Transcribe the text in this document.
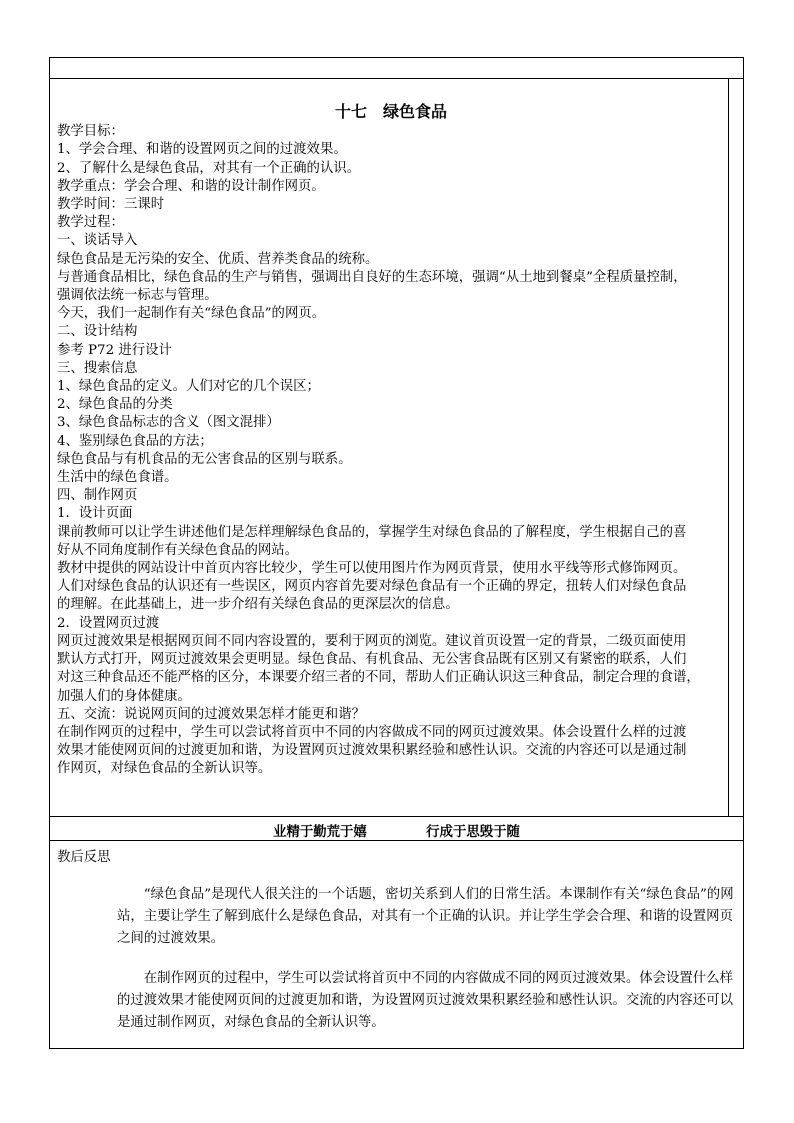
十七　绿色食品

教学目标：

1、学会合理、和谐的设置网页之间的过渡效果。

2、了解什么是绿色食品，对其有一个正确的认识。

教学重点：学会合理、和谐的设计制作网页。

教学时间：三课时

教学过程：

一、谈话导入

绿色食品是无污染的安全、优质、营养类食品的统称。

与普通食品相比，绿色食品的生产与销售，强调出自良好的生态环境，强调“从土地到餐桌”全程质量控制，

强调依法统一标志与管理。

今天，我们一起制作有关“绿色食品”的网页。

二、设计结构

参考 P72 进行设计

三、搜索信息

1、绿色食品的定义。人们对它的几个误区；

2、绿色食品的分类

3、绿色食品标志的含义（图文混排）

4、鉴别绿色食品的方法；

绿色食品与有机食品的无公害食品的区别与联系。

生活中的绿色食谱。

四、制作网页

1．设计页面

课前教师可以让学生讲述他们是怎样理解绿色食品的，掌握学生对绿色食品的了解程度，学生根据自己的喜

好从不同角度制作有关绿色食品的网站。

教材中提供的网站设计中首页内容比较少，学生可以使用图片作为网页背景，使用水平线等形式修饰网页。

人们对绿色食品的认识还有一些误区，网页内容首先要对绿色食品有一个正确的界定，扭转人们对绿色食品

的理解。在此基础上，进一步介绍有关绿色食品的更深层次的信息。

2．设置网页过渡

网页过渡效果是根据网页间不同内容设置的，要利于网页的浏览。建议首页设置一定的背景，二级页面使用

默认方式打开，网页过渡效果会更明显。绿色食品、有机食品、无公害食品既有区别又有紧密的联系，人们

对这三种食品还不能严格的区分，本课要介绍三者的不同，帮助人们正确认识这三种食品，制定合理的食谱，

加强人们的身体健康。

五、交流：说说网页间的过渡效果怎样才能更和谐？

在制作网页的过程中，学生可以尝试将首页中不同的内容做成不同的网页过渡效果。体会设置什么样的过渡

效果才能使网页间的过渡更加和谐，为设置网页过渡效果积累经验和感性认识。交流的内容还可以是通过制

作网页，对绿色食品的全新认识等。

业精于勤荒于嬉	行成于思毁于随
教后反思

“绿色食品”是现代人很关注的一个话题，密切关系到人们的日常生活。本课制作有关“绿色食品”的网站，主要让学生了解到底什么是绿色食品，对其有一个正确的认识。并让学生学会合理、和谐的设置网页之间的过渡效果。

在制作网页的过程中，学生可以尝试将首页中不同的内容做成不同的网页过渡效果。体会设置什么样的过渡效果才能使网页间的过渡更加和谐，为设置网页过渡效果积累经验和感性认识。交流的内容还可以是通过制作网页，对绿色食品的全新认识等。
